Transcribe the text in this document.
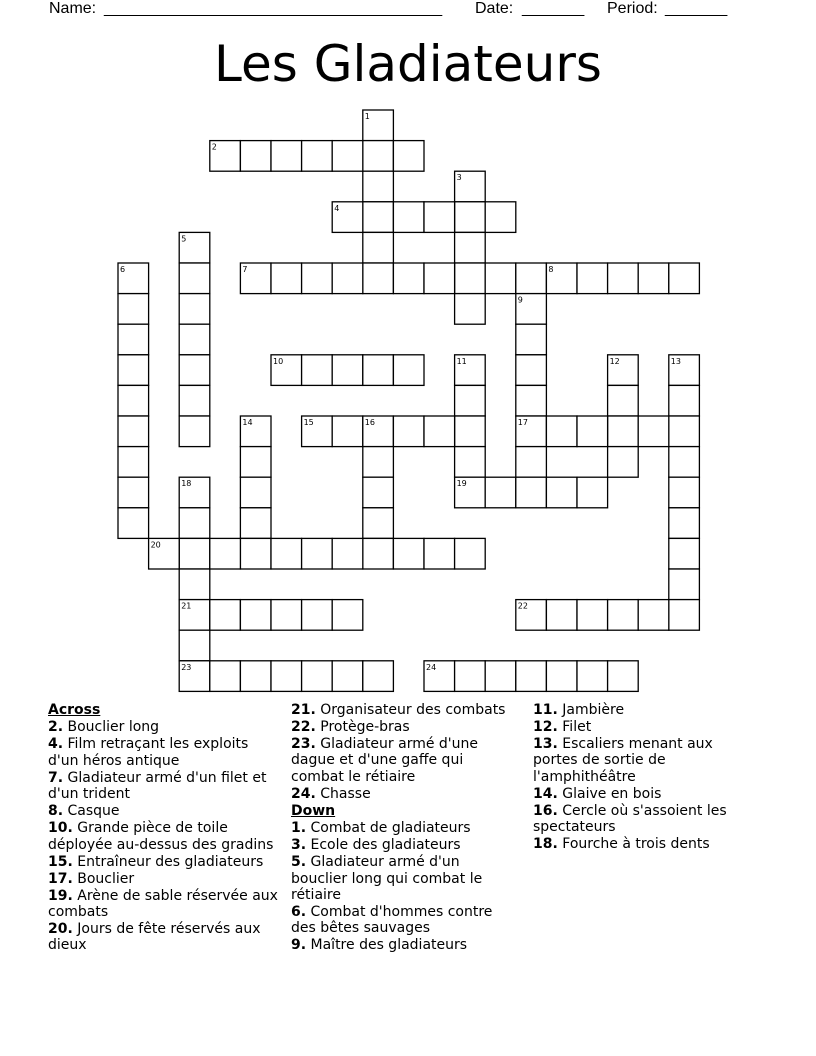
Name: ______________________________________ Date: _______ Period: _______
Les Gladiateurs
1
2
3
4
5
6	7	8
9
10	11	12	13
14	15	16	17
18	19
20
21	22
23	24
Across
2. Bouclier long
4. Film retraçant les exploits d'un héros antique
7. Gladiateur armé d'un filet et d'un trident
8. Casque
10. Grande pièce de toile déployée au-dessus des gradins
15. Entraîneur des gladiateurs
17. Bouclier
19. Arène de sable réservée aux combats
20. Jours de fête réservés aux dieux
21. Organisateur des combats
22. Protège-bras
23. Gladiateur armé d'une dague et d'une gaffe qui combat le rétiaire
24. Chasse
Down
1. Combat de gladiateurs
3. Ecole des gladiateurs
5. Gladiateur armé d'un bouclier long qui combat le rétiaire
6. Combat d'hommes contre des bêtes sauvages
9. Maître des gladiateurs
11. Jambière
12. Filet
13. Escaliers menant aux portes de sortie de l'amphithéâtre
14. Glaive en bois
16. Cercle où s'assoient les spectateurs
18. Fourche à trois dents
